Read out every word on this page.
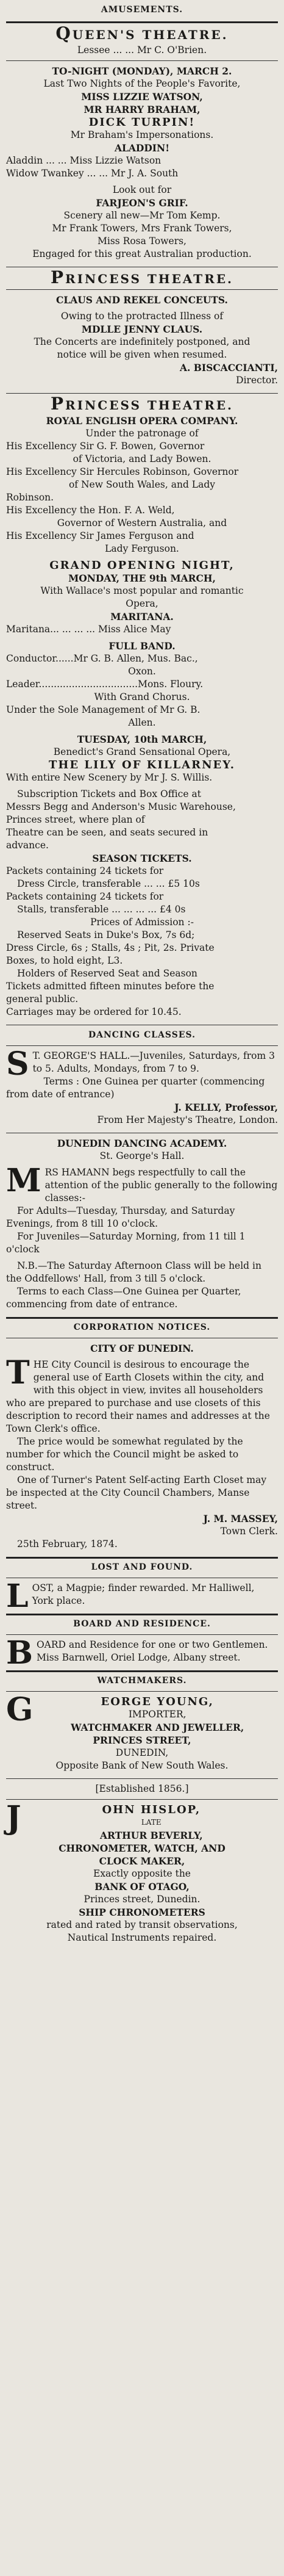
AMUSEMENTS.
QUEEN'S THEATRE.

Lessee ... ... Mr C. O'Brien.

TO-NIGHT (MONDAY), MARCH 2.

Last Two Nights of the People's Favorite,

MISS LIZZIE WATSON,

MR HARRY BRAHAM,

DICK TURPIN!

Mr Braham's Impersonations.

ALADDIN!

Aladdin ... ... Miss Lizzie Watson

Widow Twankey ... ... Mr J. A. South

Look out for

FARJEON'S GRIF.

Scenery all new—Mr Tom Kemp.

Mr Frank Towers, Mrs Frank Towers,

Miss Rosa Towers,

Engaged for this great Australian production.

PRINCESS THEATRE.

CLAUS AND REKEL CONCEUTS.

Owing to the protracted Illness of

MDLLE JENNY CLAUS.

The Concerts are indefinitely postponed, and

notice will be given when resumed.

A. BISCACCIANTI,

Director.

PRINCESS THEATRE.

ROYAL ENGLISH OPERA COMPANY.

Under the patronage of

His Excellency Sir G. F. Bowen, Governor

of Victoria, and Lady Bowen.

His Excellency Sir Hercules Robinson, Governor

of New South Wales, and Lady

Robinson.

His Excellency the Hon. F. A. Weld,

Governor of Western Australia, and

His Excellency Sir James Ferguson and

Lady Ferguson.

GRAND OPENING NIGHT,

MONDAY, THE 9th MARCH,

With Wallace's most popular and romantic

Opera,

MARITANA.

Maritana... ... ... ... Miss Alice May

FULL BAND.

Conductor......Mr G. B. Allen, Mus. Bac.,

Oxon.

Leader.................................Mons. Floury.

With Grand Chorus.

Under the Sole Management of Mr G. B.

Allen.

TUESDAY, 10th MARCH,

Benedict's Grand Sensational Opera,

THE LILY OF KILLARNEY.

With entire New Scenery by Mr J. S. Willis.

Subscription Tickets and Box Office at

Messrs Begg and Anderson's Music Warehouse,

Princes street, where plan of

Theatre can be seen, and seats secured in

advance.

SEASON TICKETS.

Packets containing 24 tickets for

Dress Circle, transferable ... ... £5 10s

Packets containing 24 tickets for

Stalls, transferable ... ... ... ... £4 0s

Prices of Admission :-

Reserved Seats in Duke's Box, 7s 6d;

Dress Circle, 6s ; Stalls, 4s ; Pit, 2s. Private

Boxes, to hold eight, L3.

Holders of Reserved Seat and Season

Tickets admitted fifteen minutes before the

general public.

Carriages may be ordered for 10.45.

DANCING CLASSES.
S T. GEORGE'S HALL.—Juveniles, Saturdays, from 3 to 5. Adults, Mondays, from 7 to 9.

Terms : One Guinea per quarter (commencing from date of entrance)

J. KELLY, Professor,

From Her Majesty's Theatre, London.

DUNEDIN DANCING ACADEMY.

St. George's Hall.

M RS HAMANN begs respectfully to call the attention of the public generally to the following classes:-

For Adults—Tuesday, Thursday, and Saturday Evenings, from 8 till 10 o'clock.

For Juveniles—Saturday Morning, from 11 till 1 o'clock

N.B.—The Saturday Afternoon Class will be held in the Oddfellows' Hall, from 3 till 5 o'clock.

Terms to each Class—One Guinea per Quarter, commencing from date of entrance.

CORPORATION NOTICES.

CITY OF DUNEDIN.

T HE City Council is desirous to encourage the general use of Earth Closets within the city, and with this object in view, invites all householders who are prepared to purchase and use closets of this description to record their names and addresses at the Town Clerk's office.

The price would be somewhat regulated by the number for which the Council might be asked to construct.

One of Turner's Patent Self-acting Earth Closet may be inspected at the City Council Chambers, Manse street.

J. M. MASSEY,

Town Clerk.

25th February, 1874.

LOST AND FOUND.
L OST, a Magpie; finder rewarded. Mr Halliwell, York place.

BOARD AND RESIDENCE.
B OARD and Residence for one or two Gentlemen. Miss Barnwell, Oriel Lodge, Albany street.

WATCHMAKERS.
G	EORGE YOUNG,

IMPORTER,

WATCHMAKER AND JEWELLER,

PRINCES STREET,

DUNEDIN,

Opposite Bank of New South Wales.

[Established 1856.]

J	OHN HISLOP,

LATE

ARTHUR BEVERLY,

CHRONOMETER, WATCH, AND

CLOCK MAKER,

Exactly opposite the

BANK OF OTAGO,

Princes street, Dunedin.

SHIP CHRONOMETERS

rated and rated by transit observations,

Nautical Instruments repaired.
